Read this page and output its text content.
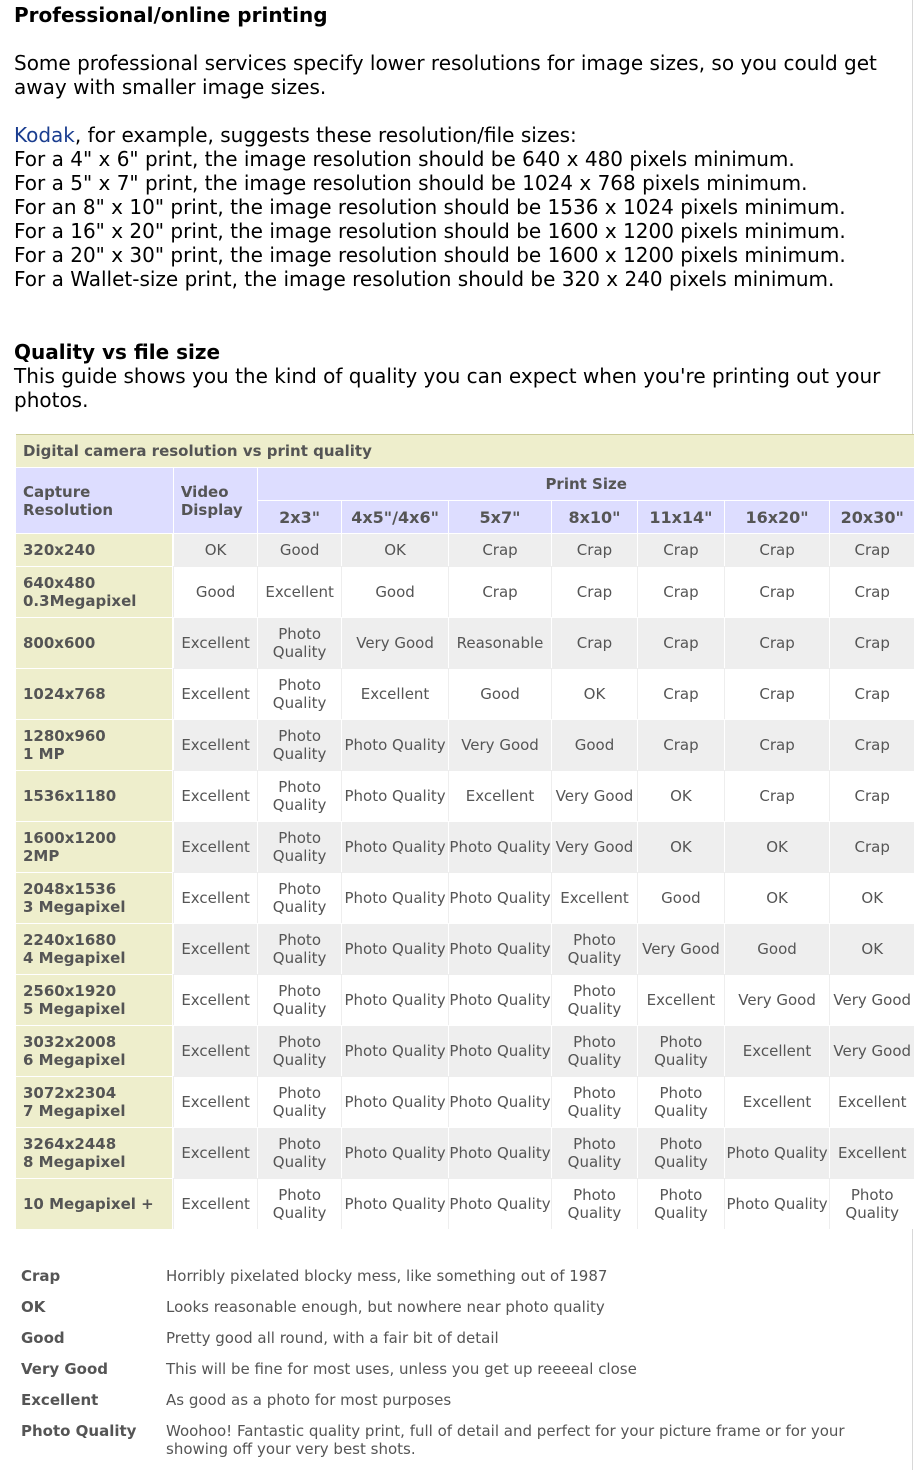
Professional/online printing

Some professional services specify lower resolutions for image sizes, so you could get away with smaller image sizes.

Kodak, for example, suggests these resolution/file sizes:
For a 4" x 6" print, the image resolution should be 640 x 480 pixels minimum.
For a 5" x 7" print, the image resolution should be 1024 x 768 pixels minimum.
For an 8" x 10" print, the image resolution should be 1536 x 1024 pixels minimum.
For a 16" x 20" print, the image resolution should be 1600 x 1200 pixels minimum.
For a 20" x 30" print, the image resolution should be 1600 x 1200 pixels minimum.
For a Wallet-size print, the image resolution should be 320 x 240 pixels minimum.

Quality vs file size

This guide shows you the kind of quality you can expect when you're printing out your photos.

Digital camera resolution vs print quality								
Capture Resolution	Video Display	Print Size						
		2x3"	4x5"/4x6"	5x7"	8x10"	11x14"	16x20"	20x30"
320x240	OK	Good	OK	Crap	Crap	Crap	Crap	Crap
640x480
0.3Megapixel	Good	Excellent	Good	Crap	Crap	Crap	Crap	Crap
800x600	Excellent	Photo Quality	Very Good	Reasonable	Crap	Crap	Crap	Crap
1024x768	Excellent	Photo Quality	Excellent	Good	OK	Crap	Crap	Crap
1280x960
1 MP	Excellent	Photo Quality	Photo Quality	Very Good	Good	Crap	Crap	Crap
1536x1180	Excellent	Photo Quality	Photo Quality	Excellent	Very Good	OK	Crap	Crap
1600x1200
2MP	Excellent	Photo Quality	Photo Quality	Photo Quality	Very Good	OK	OK	Crap
2048x1536
3 Megapixel	Excellent	Photo Quality	Photo Quality	Photo Quality	Excellent	Good	OK	OK
2240x1680
4 Megapixel	Excellent	Photo Quality	Photo Quality	Photo Quality	Photo Quality	Very Good	Good	OK
2560x1920
5 Megapixel	Excellent	Photo Quality	Photo Quality	Photo Quality	Photo Quality	Excellent	Very Good	Very Good
3032x2008
6 Megapixel	Excellent	Photo Quality	Photo Quality	Photo Quality	Photo Quality	Photo Quality	Excellent	Very Good
3072x2304
7 Megapixel	Excellent	Photo Quality	Photo Quality	Photo Quality	Photo Quality	Photo Quality	Excellent	Excellent
3264x2448
8 Megapixel	Excellent	Photo Quality	Photo Quality	Photo Quality	Photo Quality	Photo Quality	Photo Quality	Excellent
10 Megapixel +	Excellent	Photo Quality	Photo Quality	Photo Quality	Photo Quality	Photo Quality	Photo Quality	Photo Quality
Crap	Horribly pixelated blocky mess, like something out of 1987
OK	Looks reasonable enough, but nowhere near photo quality
Good	Pretty good all round, with a fair bit of detail
Very Good	This will be fine for most uses, unless you get up reeeeal close
Excellent	As good as a photo for most purposes
Photo Quality	Woohoo! Fantastic quality print, full of detail and perfect for your picture frame or for your showing off your very best shots.
